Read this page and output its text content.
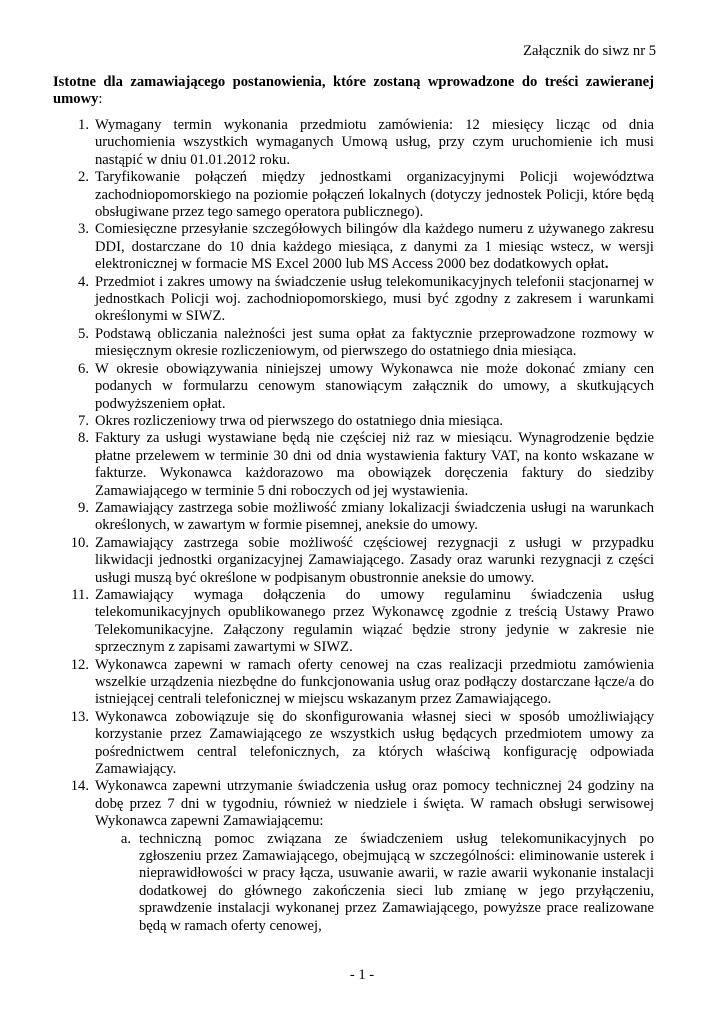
Załącznik do siwz nr 5

Istotne dla zamawiającego postanowienia, które zostaną wprowadzone do treści zawieranej umowy:

1. Wymagany termin wykonania przedmiotu zamówienia: 12 miesięcy licząc od dnia uruchomienia wszystkich wymaganych Umową usług, przy czym uruchomienie ich musi nastąpić w dniu 01.01.2012 roku.
2. Taryfikowanie połączeń między jednostkami organizacyjnymi Policji województwa zachodniopomorskiego na poziomie połączeń lokalnych (dotyczy jednostek Policji, które będą obsługiwane przez tego samego operatora publicznego).
3. Comiesięczne przesyłanie szczegółowych bilingów dla każdego numeru z używanego zakresu DDI, dostarczane do 10 dnia każdego miesiąca, z danymi za 1 miesiąc wstecz, w wersji elektronicznej w formacie MS Excel 2000 lub MS Access 2000 bez dodatkowych opłat.
4. Przedmiot i zakres umowy na świadczenie usług telekomunikacyjnych telefonii stacjonarnej w jednostkach Policji woj. zachodniopomorskiego, musi być zgodny z zakresem i warunkami określonymi w SIWZ.
5. Podstawą obliczania należności jest suma opłat za faktycznie przeprowadzone rozmowy w miesięcznym okresie rozliczeniowym, od pierwszego do ostatniego dnia miesiąca.
6. W okresie obowiązywania niniejszej umowy Wykonawca nie może dokonać zmiany cen podanych w formularzu cenowym stanowiącym załącznik do umowy, a skutkujących podwyższeniem opłat.
7. Okres rozliczeniowy trwa od pierwszego do ostatniego dnia miesiąca.
8. Faktury za usługi wystawiane będą nie częściej niż raz w miesiącu. Wynagrodzenie będzie płatne przelewem w terminie 30 dni od dnia wystawienia faktury VAT, na konto wskazane w fakturze. Wykonawca każdorazowo ma obowiązek doręczenia faktury do siedziby Zamawiającego w terminie 5 dni roboczych od jej wystawienia.
9. Zamawiający zastrzega sobie możliwość zmiany lokalizacji świadczenia usługi na warunkach określonych, w zawartym w formie pisemnej, aneksie do umowy.
10. Zamawiający zastrzega sobie możliwość częściowej rezygnacji z usługi w przypadku likwidacji jednostki organizacyjnej Zamawiającego. Zasady oraz warunki rezygnacji z części usługi muszą być określone w podpisanym obustronnie aneksie do umowy.
11. Zamawiający wymaga dołączenia do umowy regulaminu świadczenia usług telekomunikacyjnych opublikowanego przez Wykonawcę zgodnie z treścią Ustawy Prawo Telekomunikacyjne. Załączony regulamin wiązać będzie strony jedynie w zakresie nie sprzecznym z zapisami zawartymi w SIWZ.
12. Wykonawca zapewni w ramach oferty cenowej na czas realizacji przedmiotu zamówienia wszelkie urządzenia niezbędne do funkcjonowania usług oraz podłączy dostarczane łącze/a do istniejącej centrali telefonicznej w miejscu wskazanym przez Zamawiającego.
13. Wykonawca zobowiązuje się do skonfigurowania własnej sieci w sposób umożliwiający korzystanie przez Zamawiającego ze wszystkich usług będących przedmiotem umowy za pośrednictwem central telefonicznych, za których właściwą konfigurację odpowiada Zamawiający.
14. Wykonawca zapewni utrzymanie świadczenia usług oraz pomocy technicznej 24 godziny na dobę przez 7 dni w tygodniu, również w niedziele i święta. W ramach obsługi serwisowej Wykonawca zapewni Zamawiającemu:
a. techniczną pomoc związana ze świadczeniem usług telekomunikacyjnych po zgłoszeniu przez Zamawiającego, obejmującą w szczególności: eliminowanie usterek i nieprawidłowości w pracy łącza, usuwanie awarii, w razie awarii wykonanie instalacji dodatkowej do głównego zakończenia sieci lub zmianę w jego przyłączeniu, sprawdzenie instalacji wykonanej przez Zamawiającego, powyższe prace realizowane będą w ramach oferty cenowej,

- 1 -
